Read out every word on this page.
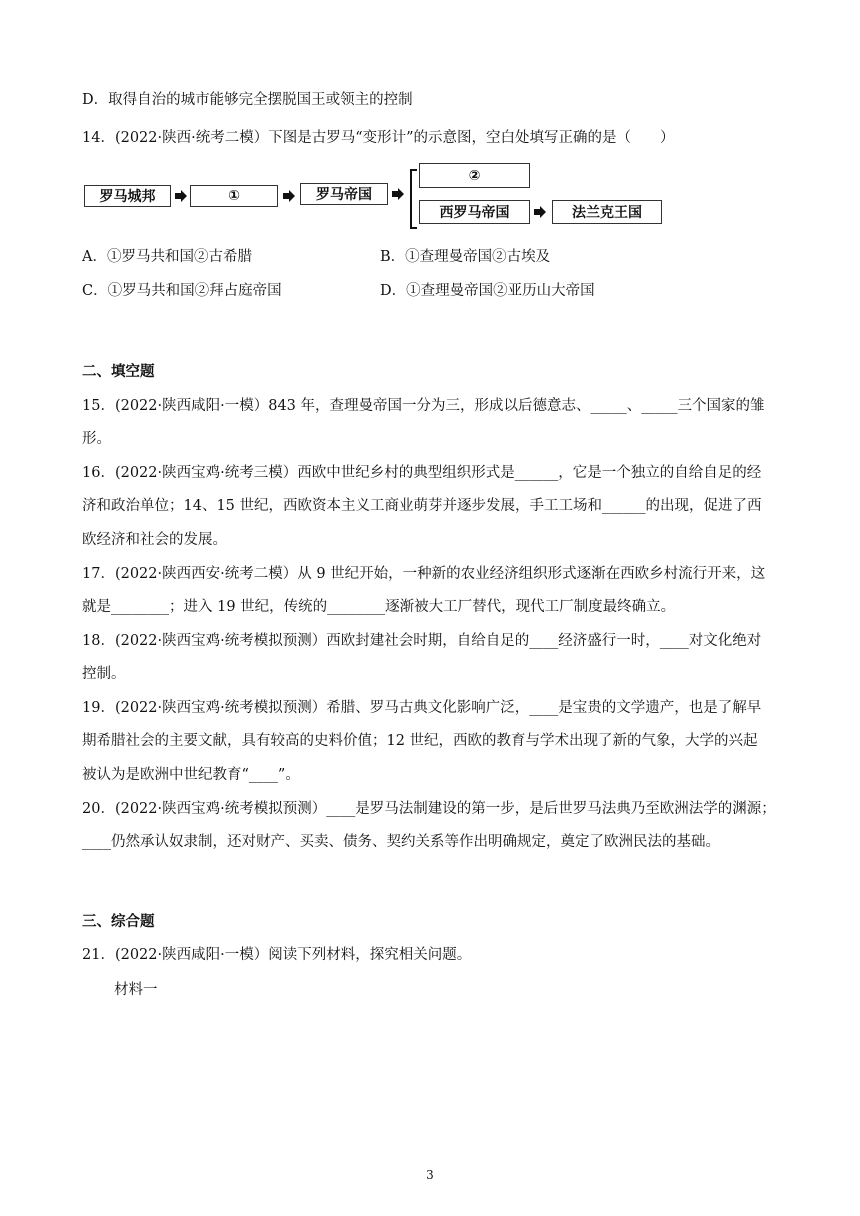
D．取得自治的城市能够完全摆脱国王或领主的控制
14．(2022·陕西·统考二模）下图是古罗马“变形计”的示意图，空白处填写正确的是（　　）
罗马城邦	①	罗马帝国
②
西罗马帝国	法兰克王国
A．①罗马共和国②古希腊	B．①查理曼帝国②古埃及
C．①罗马共和国②拜占庭帝国	D．①查理曼帝国②亚历山大帝国
二、填空题
15．(2022·陕西咸阳·一模）843 年，查理曼帝国一分为三，形成以后德意志、_____、_____三个国家的雏
形。
16．(2022·陕西宝鸡·统考三模）西欧中世纪乡村的典型组织形式是______，它是一个独立的自给自足的经
济和政治单位；14、15 世纪，西欧资本主义工商业萌芽并逐步发展，手工工场和______的出现，促进了西
欧经济和社会的发展。
17．(2022·陕西西安·统考二模）从 9 世纪开始，一种新的农业经济组织形式逐渐在西欧乡村流行开来，这
就是________；进入 19 世纪，传统的________逐渐被大工厂替代，现代工厂制度最终确立。
18．(2022·陕西宝鸡·统考模拟预测）西欧封建社会时期，自给自足的____经济盛行一时，____对文化绝对
控制。
19．(2022·陕西宝鸡·统考模拟预测）希腊、罗马古典文化影响广泛，____是宝贵的文学遗产，也是了解早
期希腊社会的主要文献，具有较高的史料价值；12 世纪，西欧的教育与学术出现了新的气象，大学的兴起
被认为是欧洲中世纪教育“____”。
20．(2022·陕西宝鸡·统考模拟预测）____是罗马法制建设的第一步，是后世罗马法典乃至欧洲法学的渊源；
____仍然承认奴隶制，还对财产、买卖、债务、契约关系等作出明确规定，奠定了欧洲民法的基础。
三、综合题
21．(2022·陕西咸阳·一模）阅读下列材料，探究相关问题。
材料一
3
